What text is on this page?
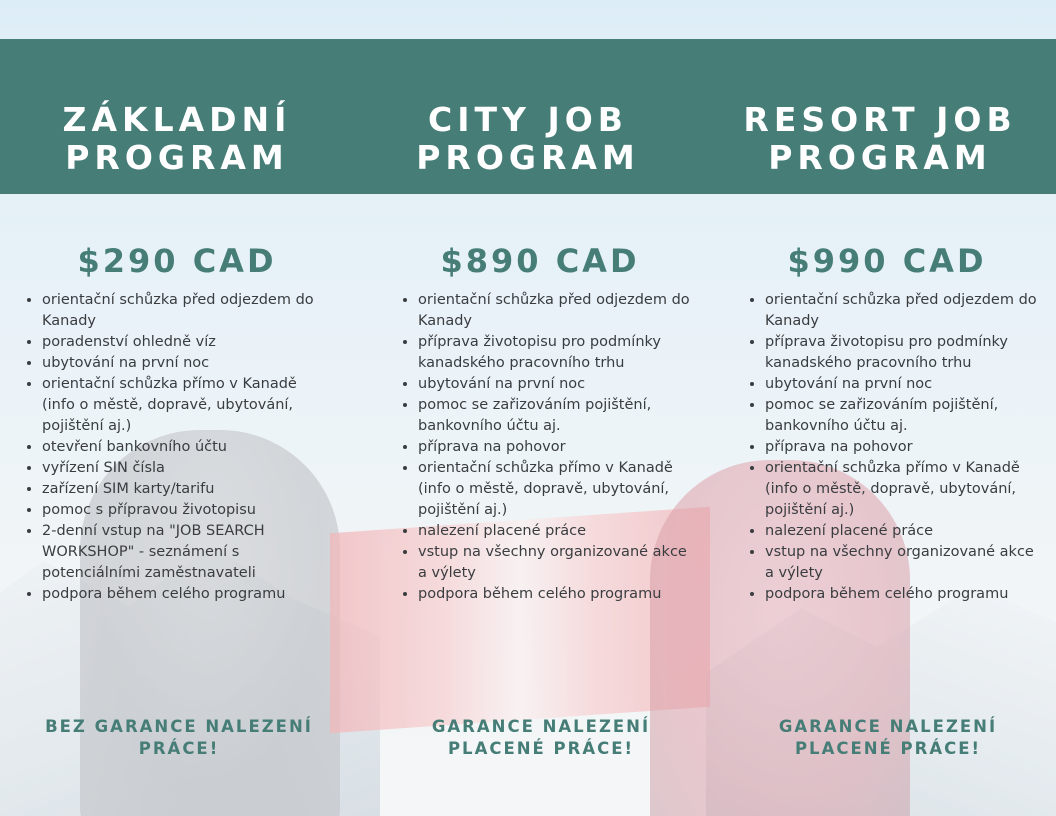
ZÁKLADNÍ
PROGRAM
$290 CAD
• orientační schůzka před odjezdem do Kanady
• poradenství ohledně víz
• ubytování na první noc
• orientační schůzka přímo v Kanadě (info o městě, dopravě, ubytování, pojištění aj.)
• otevření bankovního účtu
• vyřízení SIN čísla
• zařízení SIM karty/tarifu
• pomoc s přípravou životopisu
• 2-denní vstup na "JOB SEARCH WORKSHOP" - seznámení s potenciálními zaměstnavateli
• podpora během celého programu
BEZ GARANCE NALEZENÍ
PRÁCE!
CITY JOB
PROGRAM
$890 CAD
• orientační schůzka před odjezdem do Kanady
• příprava životopisu pro podmínky kanadského pracovního trhu
• ubytování na první noc
• pomoc se zařizováním pojištění, bankovního účtu aj.
• příprava na pohovor
• orientační schůzka přímo v Kanadě (info o městě, dopravě, ubytování, pojištění aj.)
• nalezení placené práce
• vstup na všechny organizované akce a výlety
• podpora během celého programu
GARANCE NALEZENÍ
PLACENÉ PRÁCE!
RESORT JOB
PROGRAM
$990 CAD
• orientační schůzka před odjezdem do Kanady
• příprava životopisu pro podmínky kanadského pracovního trhu
• ubytování na první noc
• pomoc se zařizováním pojištění, bankovního účtu aj.
• příprava na pohovor
• orientační schůzka přímo v Kanadě (info o městě, dopravě, ubytování, pojištění aj.)
• nalezení placené práce
• vstup na všechny organizované akce a výlety
• podpora během celého programu
GARANCE NALEZENÍ
PLACENÉ PRÁCE!
